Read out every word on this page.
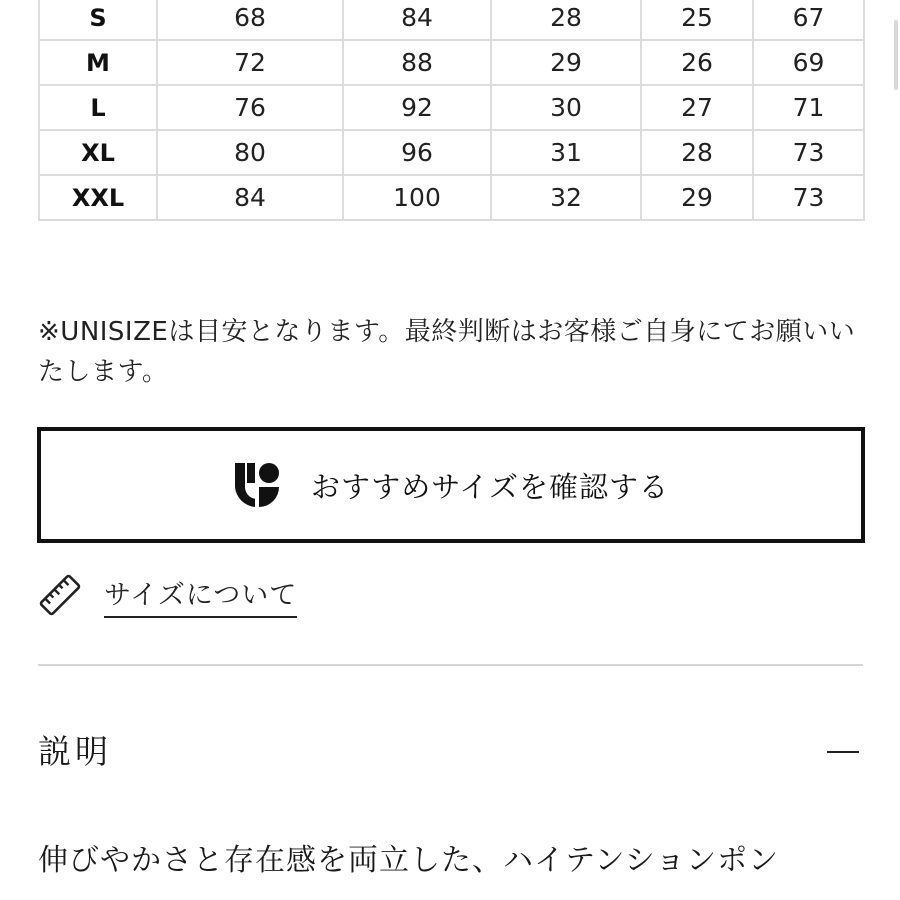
S	68	84	28	25	67
M	72	88	29	26	69
L	76	92	30	27	71
XL	80	96	31	28	73
XXL	84	100	32	29	73
※UNISIZEは目安となります。最終判断はお客様ご自身にてお願いいたします。
おすすめサイズを確認する
サイズについて
説明
伸びやかさと存在感を両立した、ハイテンションポン
